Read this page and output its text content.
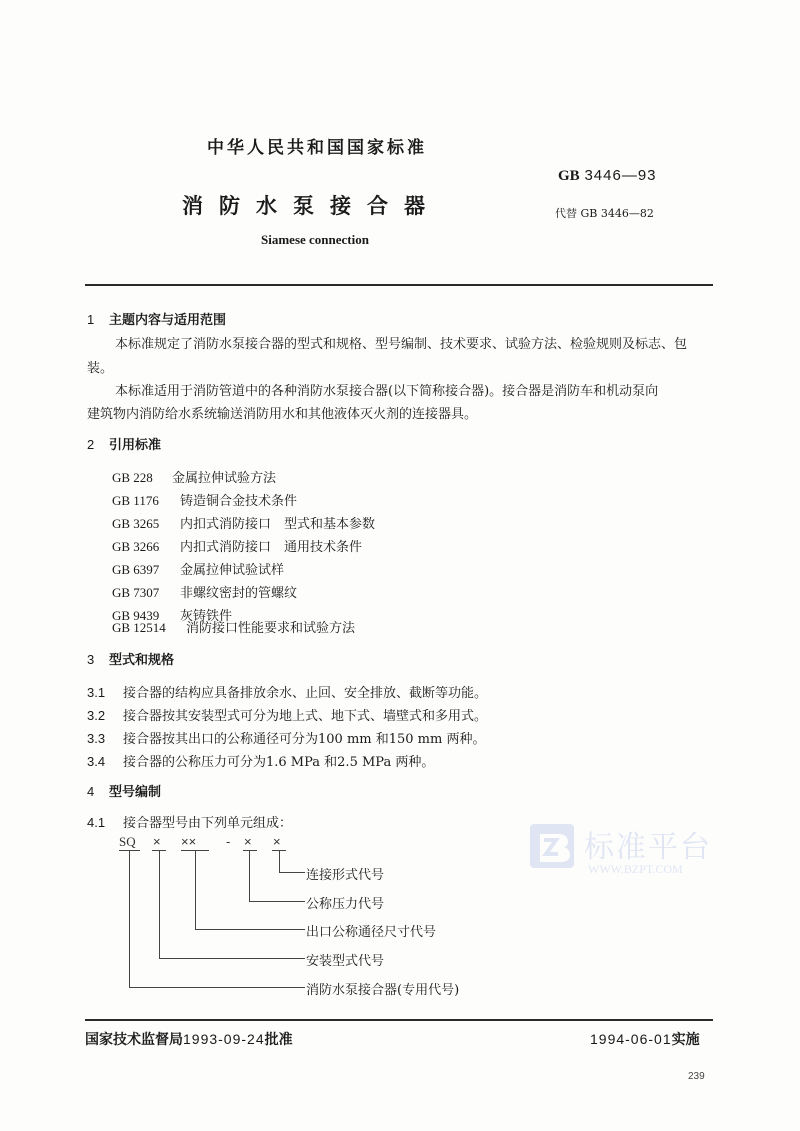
中华人民共和国国家标准
GB 3446—93
消防水泵接合器	代替 GB 3446—82
Siamese connection
1 主题内容与适用范围
本标准规定了消防水泵接合器的型式和规格、型号编制、技术要求、试验方法、检验规则及标志、包
装。
本标准适用于消防管道中的各种消防水泵接合器(以下简称接合器)。接合器是消防车和机动泵向
建筑物内消防给水系统输送消防用水和其他液体灭火剂的连接器具。
2 引用标准
GB 228 金属拉伸试验方法
GB 1176 铸造铜合金技术条件
GB 3265 内扣式消防接口　型式和基本参数
GB 3266 内扣式消防接口　通用技术条件
GB 6397 金属拉伸试验试样
GB 7307 非螺纹密封的管螺纹
GB 9439 灰铸铁件
GB 12514 消防接口性能要求和试验方法
3 型式和规格
3.1 接合器的结构应具备排放余水、止回、安全排放、截断等功能。
3.2 接合器按其安装型式可分为地上式、地下式、墙壁式和多用式。
3.3 接合器按其出口的公称通径可分为100 mm 和150 mm 两种。
3.4 接合器的公称压力可分为1.6 MPa 和2.5 MPa 两种。
4 型号编制
4.1 接合器型号由下列单元组成：
SQ × ×× - × ×
连接形式代号
公称压力代号
出口公称通径尺寸代号
安装型式代号
消防水泵接合器(专用代号)
标准平台
WWW.BZPT.COM
国家技术监督局1993-09-24批准	1994-06-01实施
239
